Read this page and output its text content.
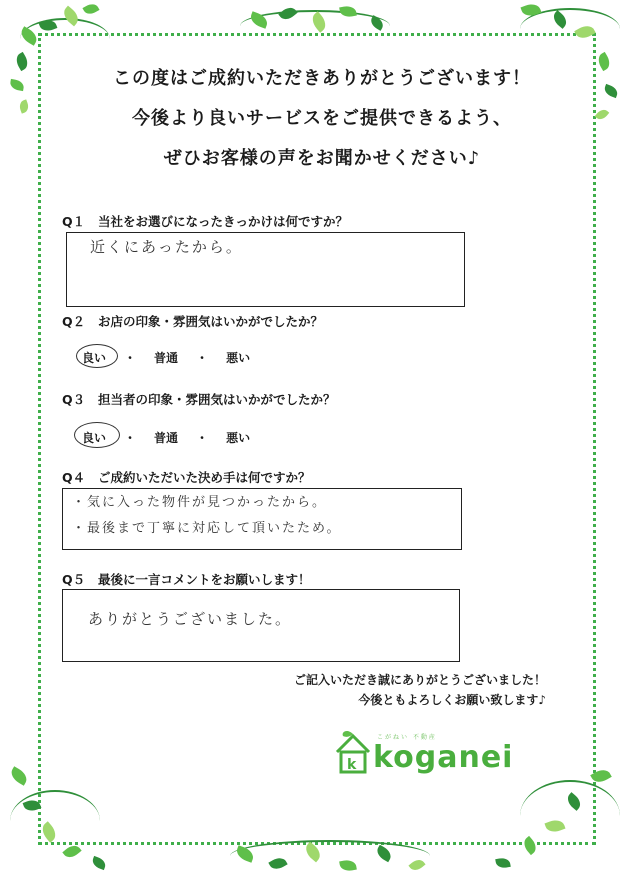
この度はご成約いただきありがとうございます！
今後より良いサービスをご提供できるよう、
ぜひお客様の声をお聞かせください♪
Q１ 当社をお選びになったきっかけは何ですか？
近くにあったから。
Q２ お店の印象・雰囲気はいかがでしたか？
良い ・ 普通 ・ 悪い
Q３ 担当者の印象・雰囲気はいかがでしたか？
良い ・ 普通 ・ 悪い
Q４ ご成約いただいた決め手は何ですか？
・気に入った物件が見つかったから。
・最後まで丁寧に対応して頂いたため。
Q５ 最後に一言コメントをお願いします！
ありがとうございました。
ご記入いただき誠にありがとうございました！
今後ともよろしくお願い致します♪
k
こがねい 不動産
koganei
